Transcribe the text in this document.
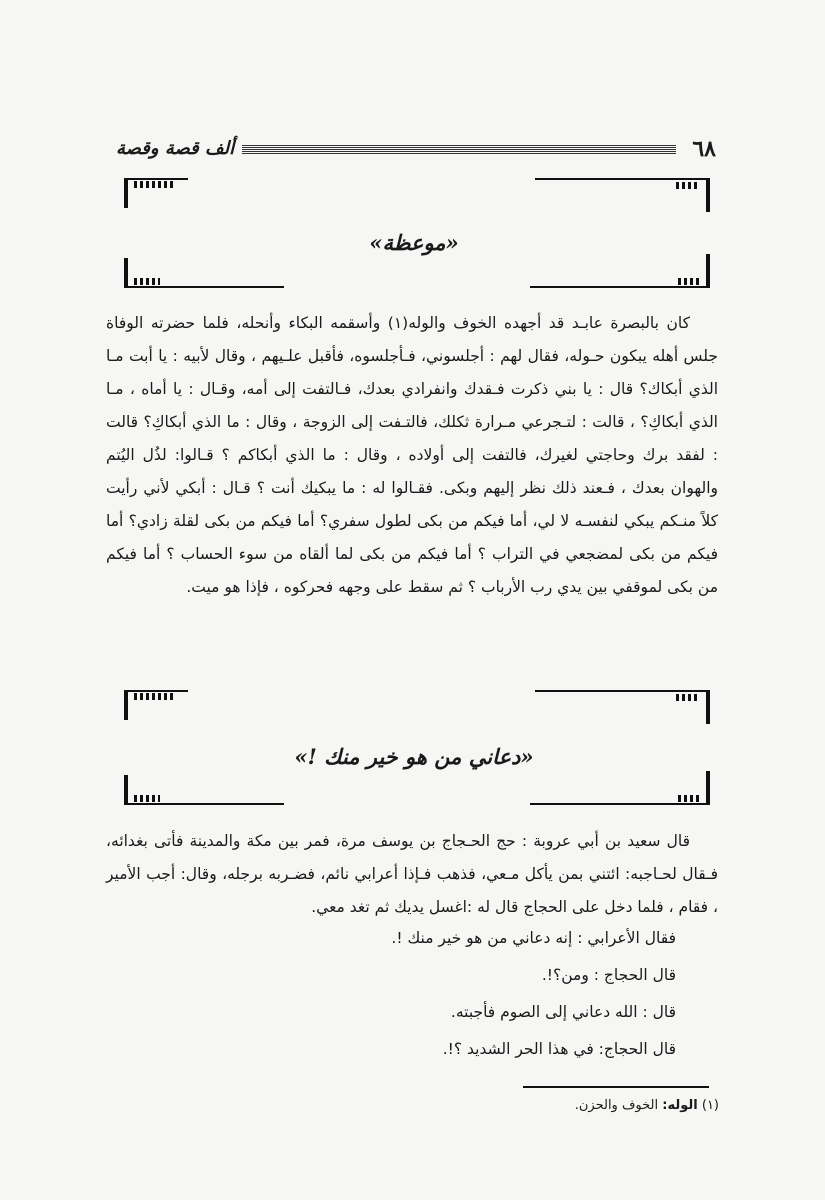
ألف قصة وقصة	٦٨
«موعظة»

كان بالبصرة عابـد قد أجهده الخوف والوله(١) وأسقمه البكاء وأنحله، فلما حضرته الوفاة جلس أهله يبكون حـوله، فقال لهم : أجلسوني، فـأجلسوه، فأقبل علـيهم ، وقال لأبيه : يا أبت مـا الذي أبكاك؟ قال : يا بني ذكرت فـقدك وانفرادي بعدك، فـالتفت إلى أمه، وقـال : يا أماه ، مـا الذي أبكاكِ؟ ، قالت : لتـجرعي مـرارة ثكلك، فالتـفت إلى الزوجة ، وقال : ما الذي أبكاكِ؟ قالت : لفقد برك وحاجتي لغيرك، فالتفت إلى أولاده ، وقال : ما الذي أبكاكم ؟ قـالوا: لذُل اليُتم والهوان بعدك ، فـعند ذلك نظر إليهم وبكى. فقـالوا له : ما يبكيك أنت ؟ قـال : أبكي لأني رأيت كلاً منـكم يبكي لنفسـه لا لي، أما فيكم من بكى لطول سفري؟ أما فيكم من بكى لقلة زادي؟ أما فيكم من بكى لمضجعي في التراب ؟ أما فيكم من بكى لما ألقاه من سوء الحساب ؟ أما فيكم من بكى لموقفي بين يدي رب الأرباب ؟ ثم سقط على وجهه فحركوه ، فإذا هو ميت.

«دعاني من هو خير منك !»

قال سعيد بن أبي عروبة : حج الحـجاج بن يوسف مرة، فمر بين مكة والمدينة فأتى بغدائه، فـقال لحـاجبه: ائتني بمن يأكل مـعي، فذهب فـإذا أعرابي نائم، فضـربه برجله، وقال: أجب الأمير ، فقام ، فلما دخل على الحجاج قال له :اغسل يديك ثم تغد معي.

فقال الأعرابي : إنه دعاني من هو خير منك !.

قال الحجاج : ومن؟!.

قال : الله دعاني إلى الصوم فأجبته.

قال الحجاج: في هذا الحر الشديد ؟!.

(١) الوله: الخوف والحزن.
